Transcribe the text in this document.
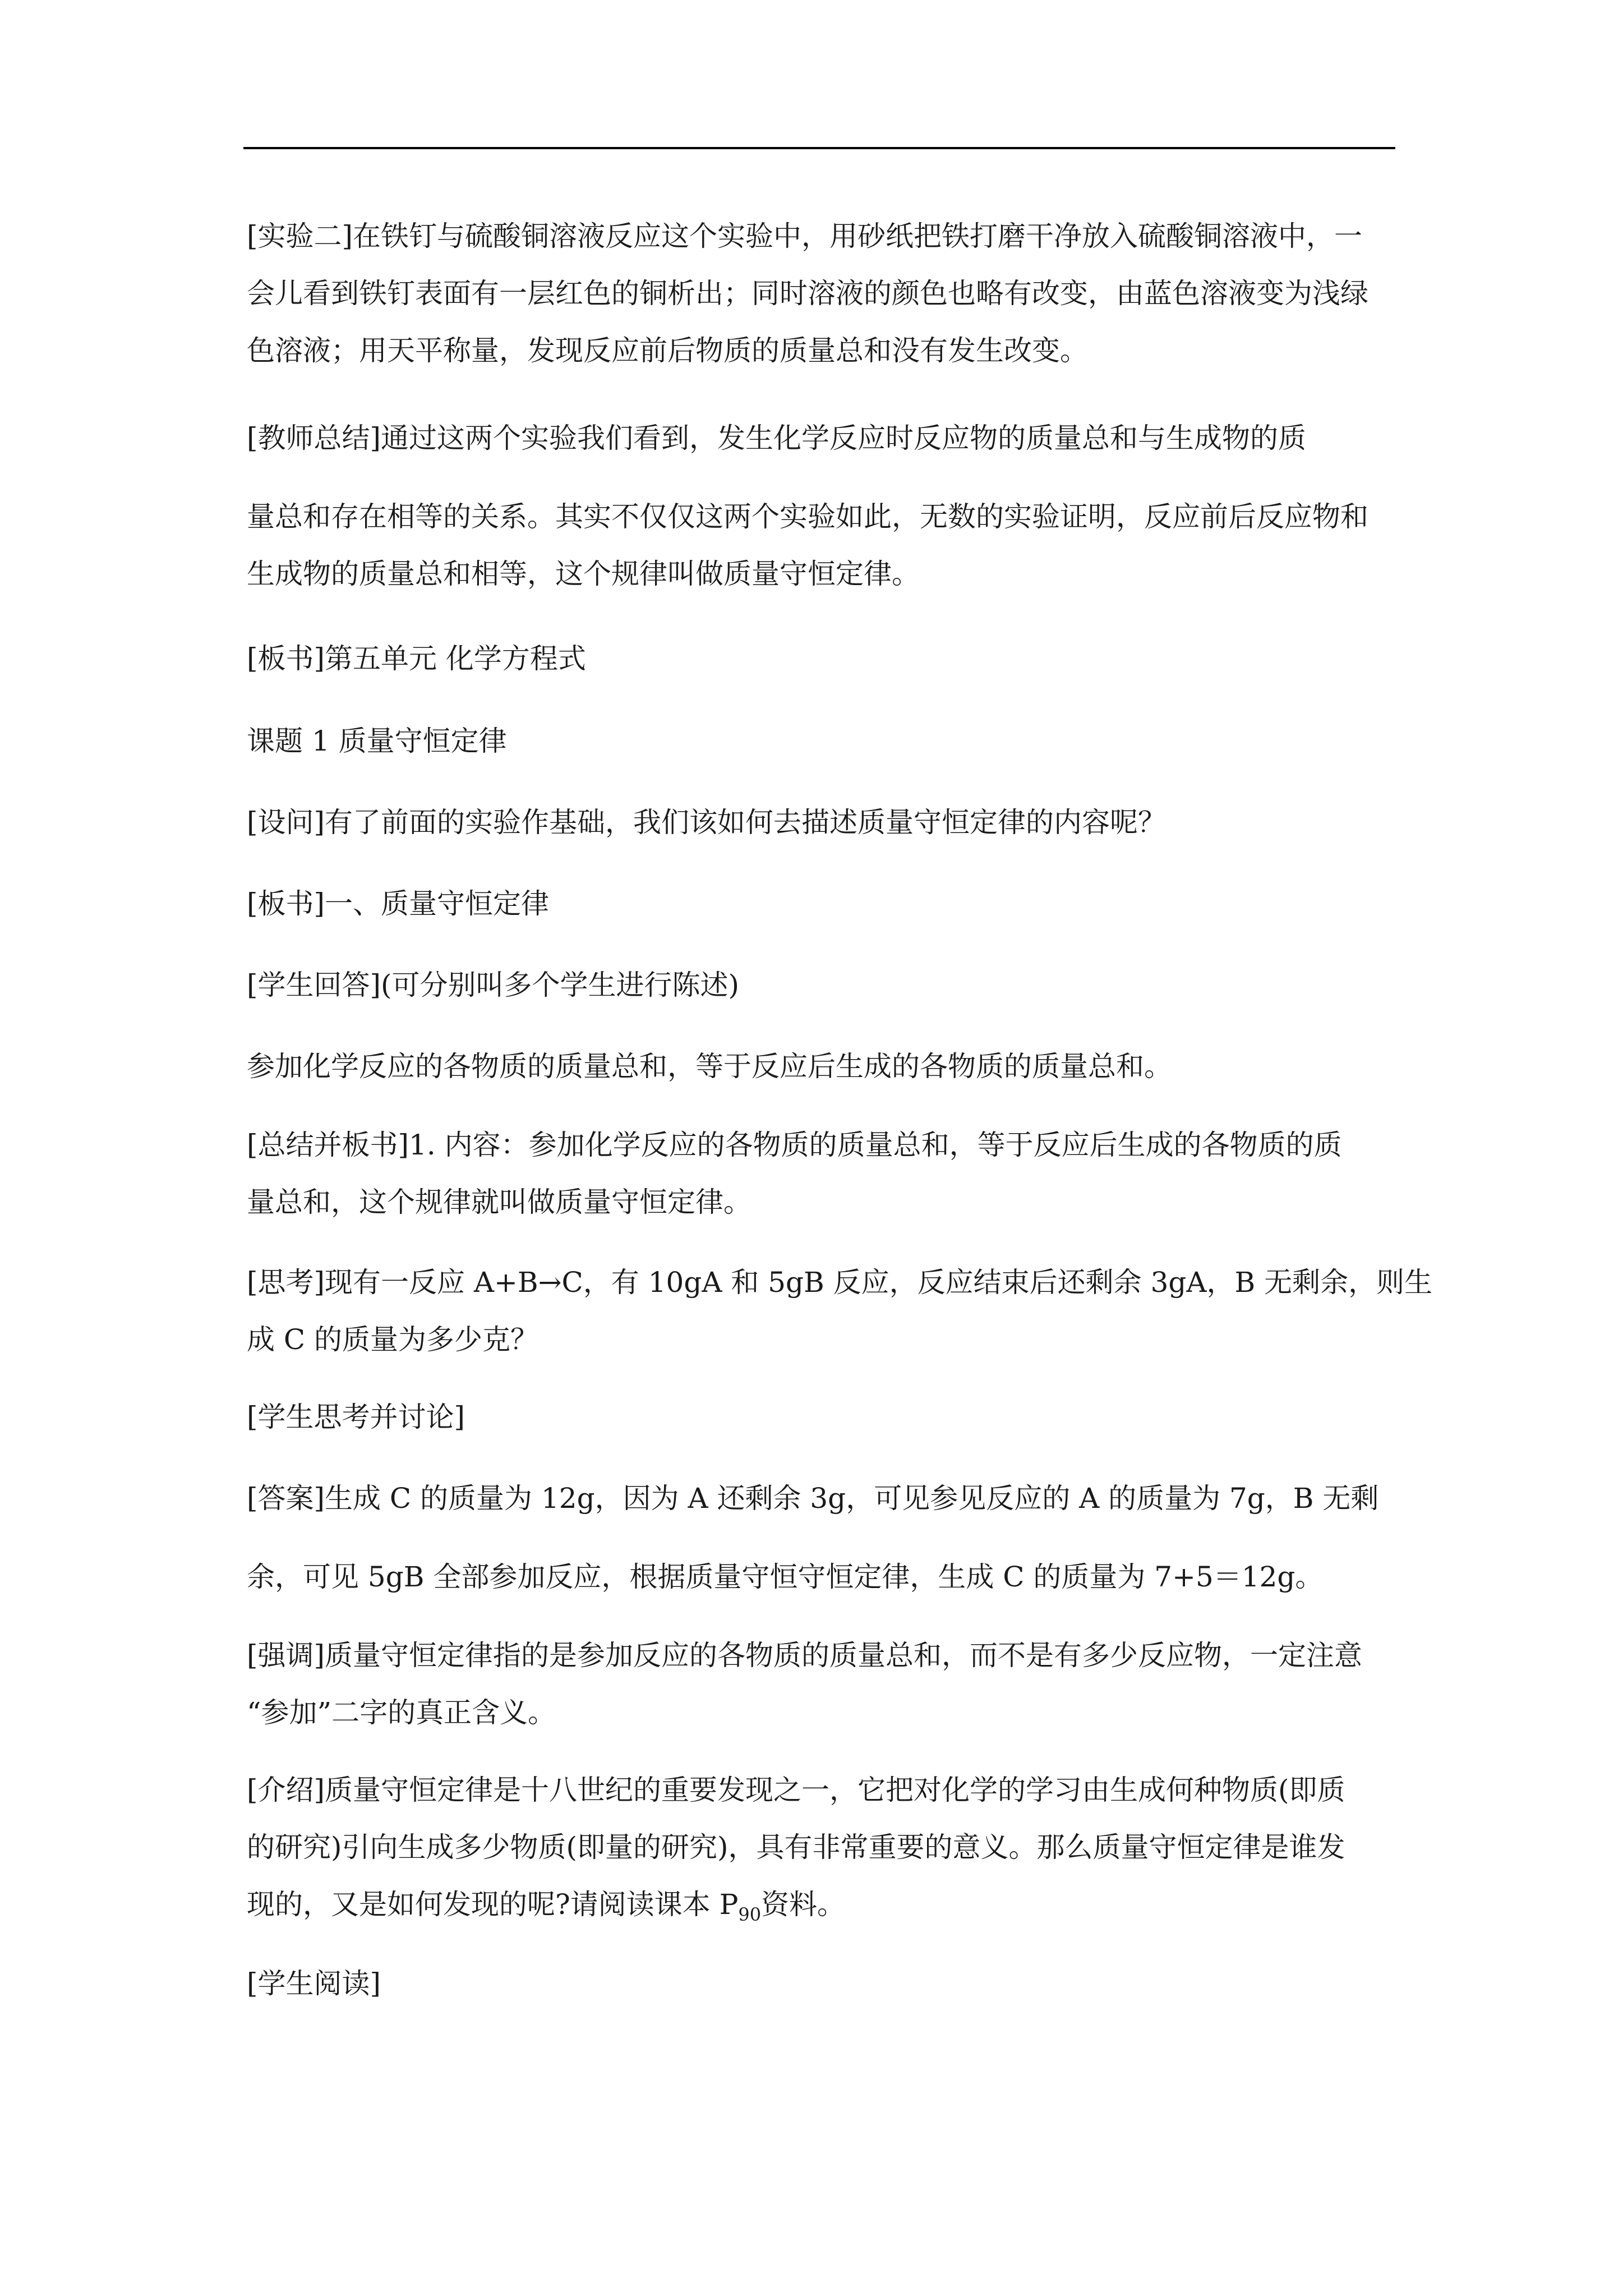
[实验二]在铁钉与硫酸铜溶液反应这个实验中，用砂纸把铁打磨干净放入硫酸铜溶液中，一
会儿看到铁钉表面有一层红色的铜析出；同时溶液的颜色也略有改变，由蓝色溶液变为浅绿
色溶液；用天平称量，发现反应前后物质的质量总和没有发生改变。
[教师总结]通过这两个实验我们看到，发生化学反应时反应物的质量总和与生成物的质
量总和存在相等的关系。其实不仅仅这两个实验如此，无数的实验证明，反应前后反应物和
生成物的质量总和相等，这个规律叫做质量守恒定律。
[板书]第五单元 化学方程式
课题 1 质量守恒定律
[设问]有了前面的实验作基础，我们该如何去描述质量守恒定律的内容呢？
[板书]一、质量守恒定律
[学生回答](可分别叫多个学生进行陈述)
参加化学反应的各物质的质量总和，等于反应后生成的各物质的质量总和。
[总结并板书]1. 内容：参加化学反应的各物质的质量总和，等于反应后生成的各物质的质
量总和，这个规律就叫做质量守恒定律。
[思考]现有一反应 A+B→C，有 10gA 和 5gB 反应，反应结束后还剩余 3gA，B 无剩余，则生
成 C 的质量为多少克？
[学生思考并讨论]
[答案]生成 C 的质量为 12g，因为 A 还剩余 3g，可见参见反应的 A 的质量为 7g，B 无剩
余，可见 5gB 全部参加反应，根据质量守恒守恒定律，生成 C 的质量为 7+5＝12g。
[强调]质量守恒定律指的是参加反应的各物质的质量总和，而不是有多少反应物，一定注意
“参加”二字的真正含义。
[介绍]质量守恒定律是十八世纪的重要发现之一，它把对化学的学习由生成何种物质(即质
的研究)引向生成多少物质(即量的研究)，具有非常重要的意义。那么质量守恒定律是谁发
现的，又是如何发现的呢?请阅读课本 $P_{90}$资料。
[学生阅读]
